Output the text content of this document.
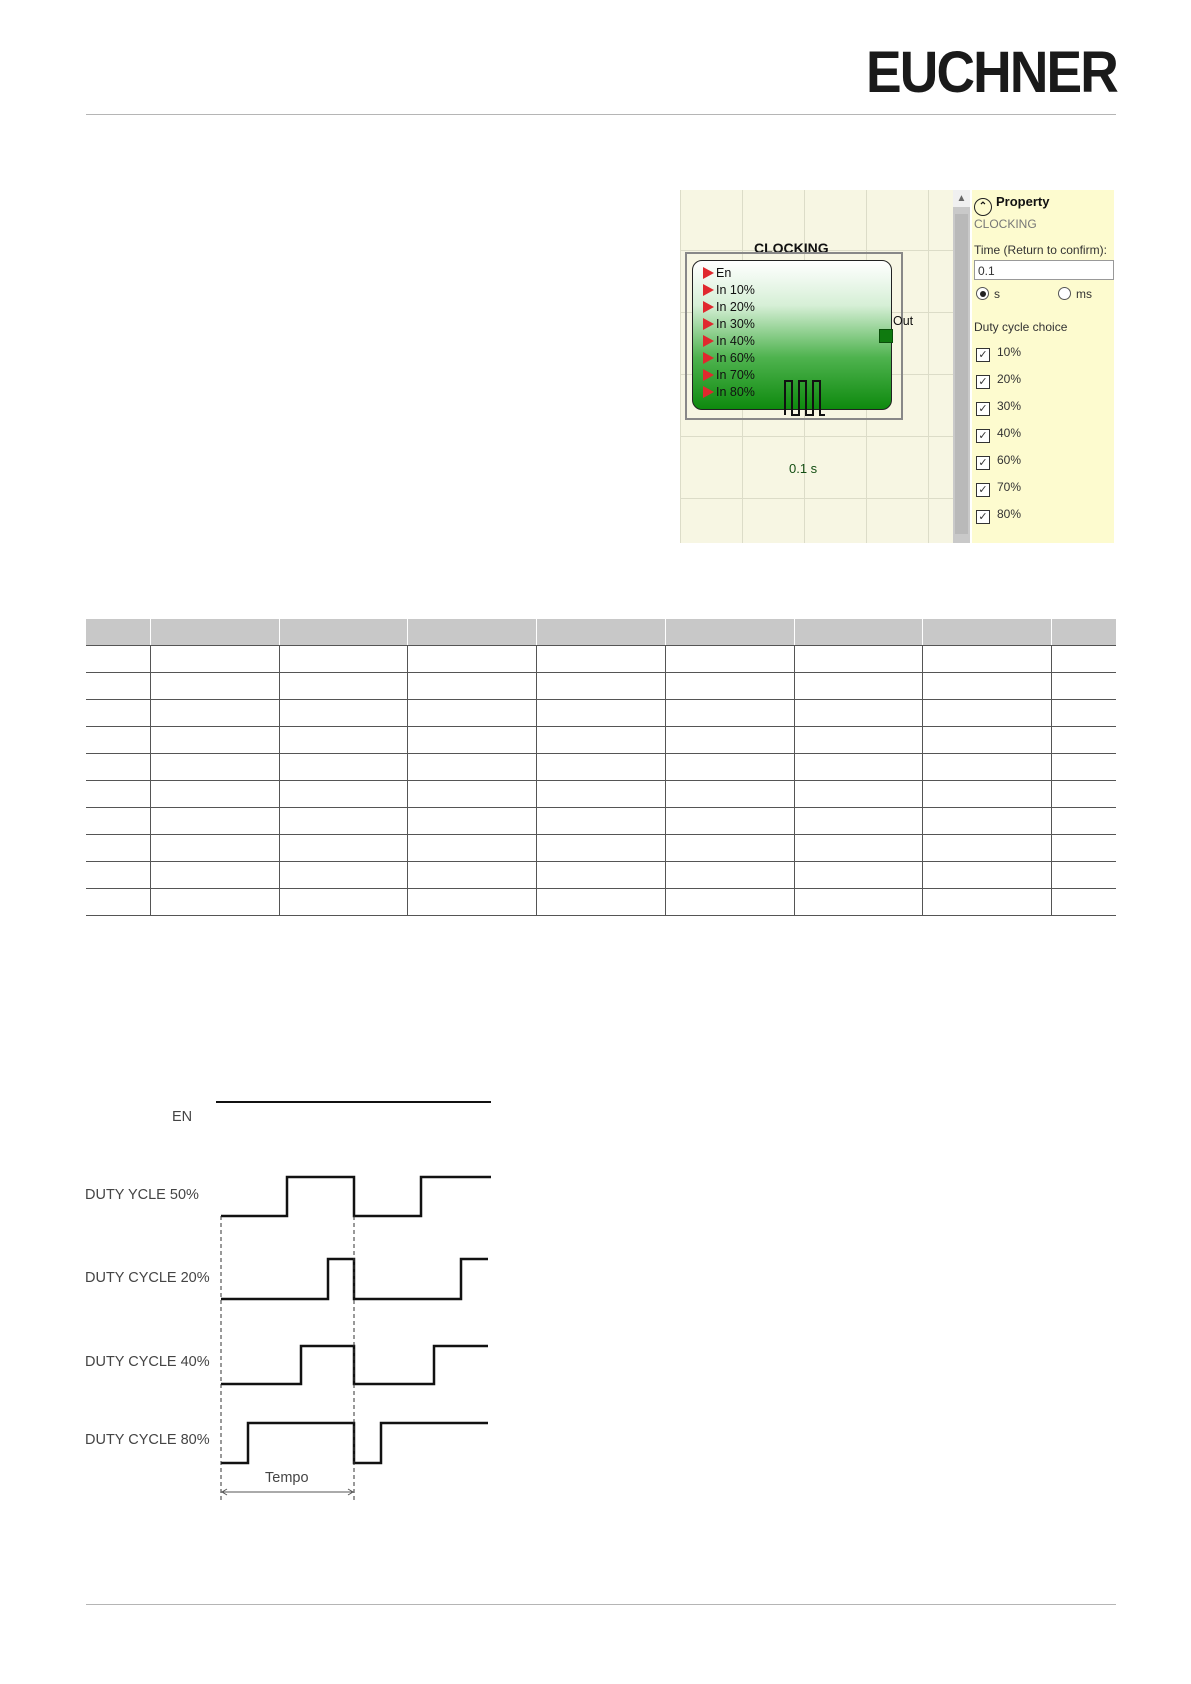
EUCHNER
CLOCKING
En
In 10%
In 20%
In 30%
In 40%
In 60%
In 70%
In 80%
0.1 s
Out
▲
⌃ Property
CLOCKING
Time (Return to confirm):
0.1
s	ms
Duty cycle choice
✓ 10%
✓ 20%
✓ 30%
✓ 40%
✓ 60%
✓ 70%
✓ 80%

EN
DUTY YCLE 50%
DUTY CYCLE 20%
DUTY CYCLE 40%
DUTY CYCLE 80%
Tempo
